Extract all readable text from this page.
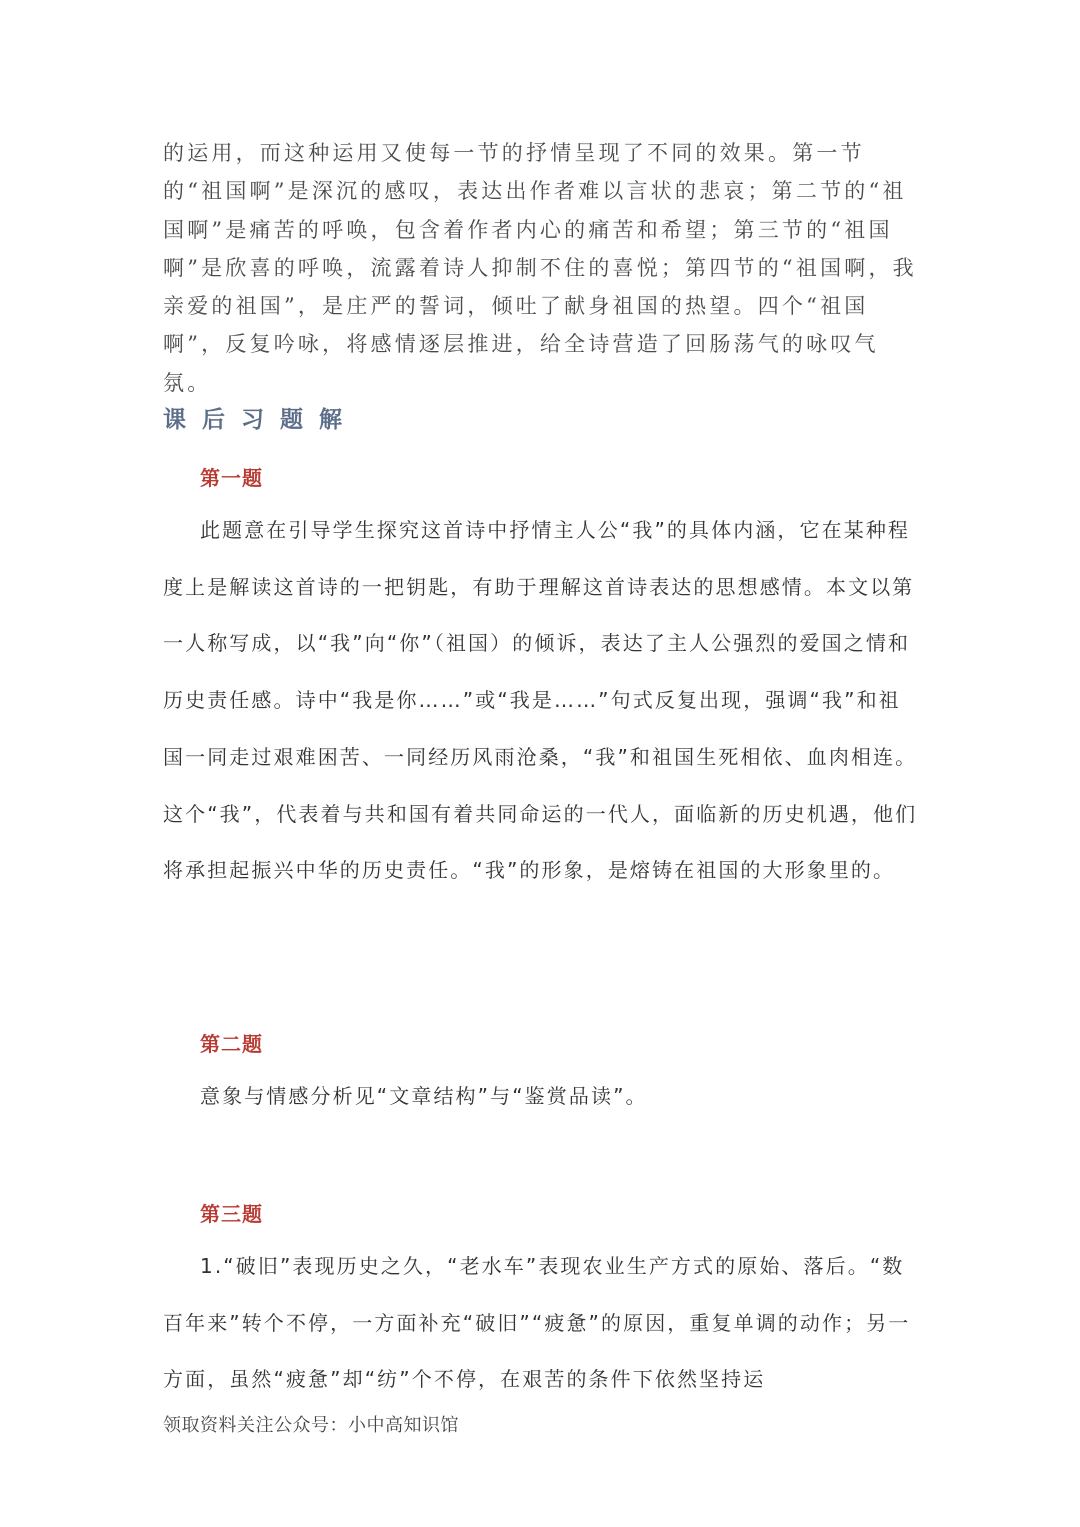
的运用，而这种运用又使每一节的抒情呈现了不同的效果。第一节的“祖国啊”是深沉的感叹，表达出作者难以言状的悲哀；第二节的“祖国啊”是痛苦的呼唤，包含着作者内心的痛苦和希望；第三节的“祖国啊”是欣喜的呼唤，流露着诗人抑制不住的喜悦；第四节的“祖国啊，我亲爱的祖国”，是庄严的誓词，倾吐了献身祖国的热望。四个“祖国啊”，反复吟咏，将感情逐层推进，给全诗营造了回肠荡气的咏叹气氛。

课后习题解
第一题

此题意在引导学生探究这首诗中抒情主人公“我”的具体内涵，它在某种程度上是解读这首诗的一把钥匙，有助于理解这首诗表达的思想感情。本文以第一人称写成，以“我”向“你”（祖国）的倾诉，表达了主人公强烈的爱国之情和历史责任感。诗中“我是你……”或“我是……”句式反复出现，强调“我”和祖国一同走过艰难困苦、一同经历风雨沧桑，“我”和祖国生死相依、血肉相连。这个“我”，代表着与共和国有着共同命运的一代人，面临新的历史机遇，他们将承担起振兴中华的历史责任。“我”的形象，是熔铸在祖国的大形象里的。

第二题

意象与情感分析见“文章结构”与“鉴赏品读”。

第三题

1.“破旧”表现历史之久，“老水车”表现农业生产方式的原始、落后。“数百年来”转个不停，一方面补充“破旧”“疲惫”的原因，重复单调的动作；另一方面，虽然“疲惫”却“纺”个不停，在艰苦的条件下依然坚持运

领取资料关注公众号：小中高知识馆
